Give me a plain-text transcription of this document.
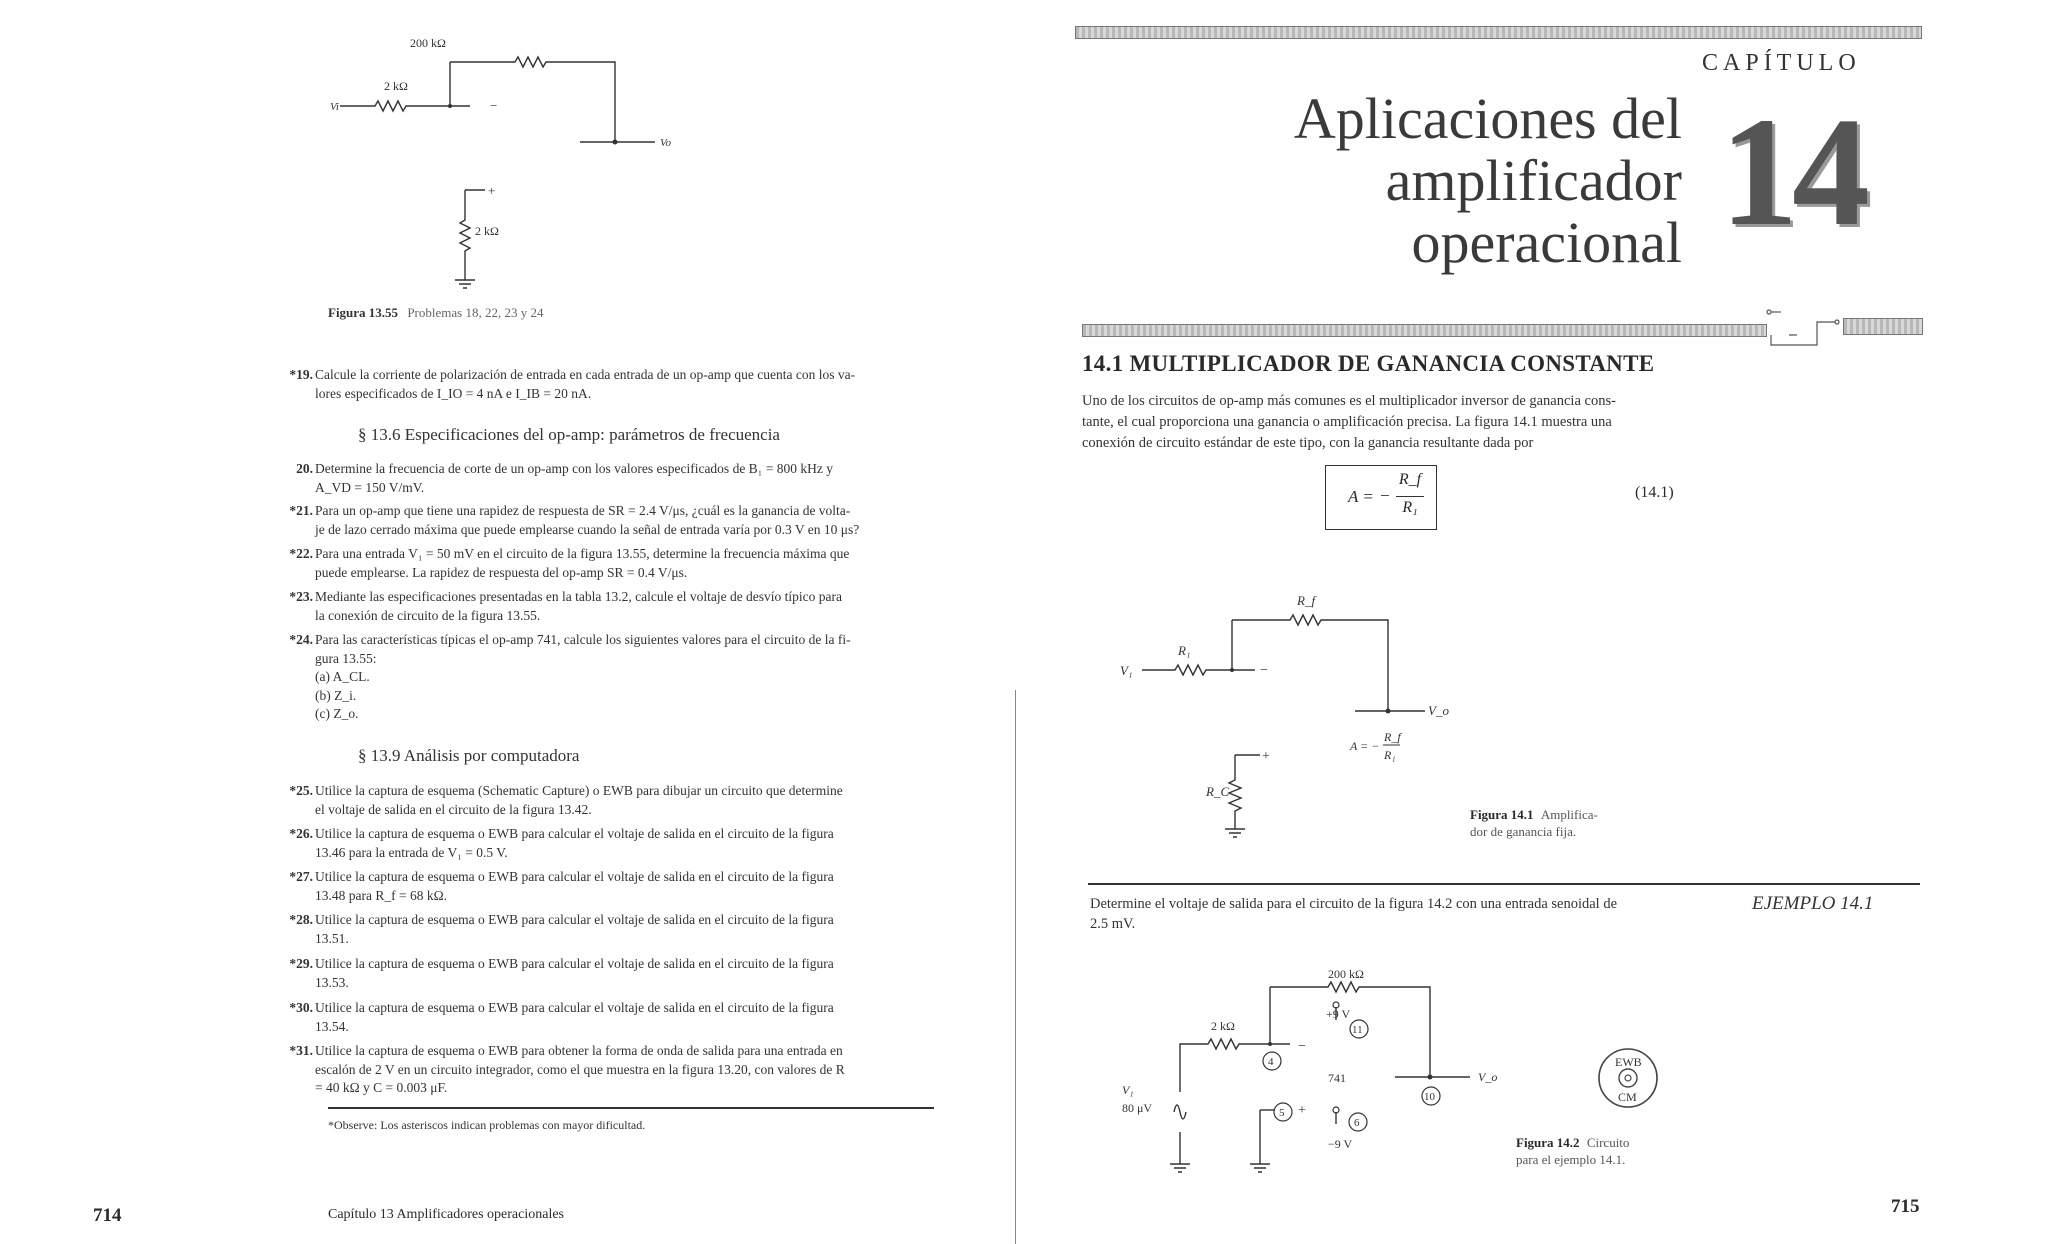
200 kΩ
2 kΩ
Vi
Vo
−
+
2 kΩ
Figura 13.55 Problemas 18, 22, 23 y 24
*19. Calcule la corriente de polarización de entrada en cada entrada de un op-amp que cuenta con los va-
lores especificados de I_IO = 4 nA e I_IB = 20 nA.
§ 13.6 Especificaciones del op-amp: parámetros de frecuencia
20. Determine la frecuencia de corte de un op-amp con los valores especificados de B₁ = 800 kHz y
A_VD = 150 V/mV.
*21. Para un op-amp que tiene una rapidez de respuesta de SR = 2.4 V/μs, ¿cuál es la ganancia de volta-
je de lazo cerrado máxima que puede emplearse cuando la señal de entrada varía por 0.3 V en 10 μs?
*22. Para una entrada V₁ = 50 mV en el circuito de la figura 13.55, determine la frecuencia máxima que
puede emplearse. La rapidez de respuesta del op-amp SR = 0.4 V/μs.
*23. Mediante las especificaciones presentadas en la tabla 13.2, calcule el voltaje de desvío típico para
la conexión de circuito de la figura 13.55.
*24. Para las características típicas el op-amp 741, calcule los siguientes valores para el circuito de la fi-
gura 13.55:
(a) A_CL.
(b) Z_i.
(c) Z_o.
§ 13.9 Análisis por computadora
*25. Utilice la captura de esquema (Schematic Capture) o EWB para dibujar un circuito que determine
el voltaje de salida en el circuito de la figura 13.42.
*26. Utilice la captura de esquema o EWB para calcular el voltaje de salida en el circuito de la figura
13.46 para la entrada de V₁ = 0.5 V.
*27. Utilice la captura de esquema o EWB para calcular el voltaje de salida en el circuito de la figura
13.48 para R_f = 68 kΩ.
*28. Utilice la captura de esquema o EWB para calcular el voltaje de salida en el circuito de la figura
13.51.
*29. Utilice la captura de esquema o EWB para calcular el voltaje de salida en el circuito de la figura
13.53.
*30. Utilice la captura de esquema o EWB para calcular el voltaje de salida en el circuito de la figura
13.54.
*31. Utilice la captura de esquema o EWB para obtener la forma de onda de salida para una entrada en
escalón de 2 V en un circuito integrador, como el que muestra en la figura 13.20, con valores de R
= 40 kΩ y C = 0.003 μF.
*Observe: Los asteriscos indican problemas con mayor dificultad.
714	Capítulo 13 Amplificadores operacionales
CAPÍTULO
Aplicaciones del
amplificador
operacional 14
14.1 MULTIPLICADOR DE GANANCIA CONSTANTE
Uno de los circuitos de op-amp más comunes es el multiplicador inversor de ganancia cons-
tante, el cual proporciona una ganancia o amplificación precisa. La figura 14.1 muestra una
conexión de circuito estándar de este tipo, con la ganancia resultante dada por
A = −
R_f
R₁
(14.1)
R_f
R₁
V₁
V_o
−
+
R_C
A = −
R_f
R₁
Figura 14.1 Amplifica-
dor de ganancia fija.
Determine el voltaje de salida para el circuito de la figura 14.2 con una entrada senoidal de
2.5 mV.
EJEMPLO 14.1
4
5
11
6
10
200 kΩ
2 kΩ
+9 V
−9 V
741
−
+
V₁
80 μV
V_o
EWB
CM
Figura 14.2 Circuito
para el ejemplo 14.1.
715
